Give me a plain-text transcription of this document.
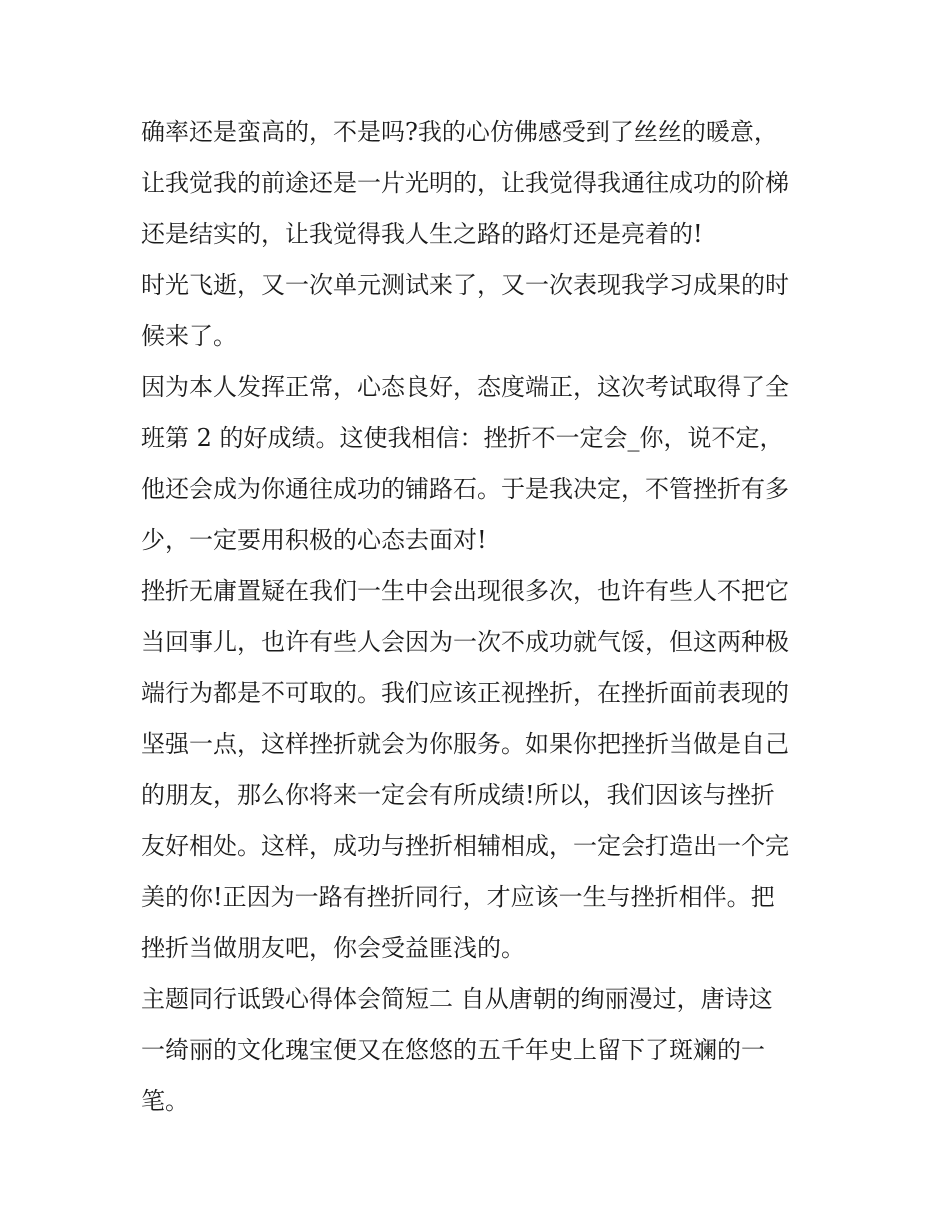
确率还是蛮高的，不是吗?我的心仿佛感受到了丝丝的暖意，
让我觉我的前途还是一片光明的，让我觉得我通往成功的阶梯
还是结实的，让我觉得我人生之路的路灯还是亮着的!
时光飞逝，又一次单元测试来了，又一次表现我学习成果的时
候来了。
因为本人发挥正常，心态良好，态度端正，这次考试取得了全
班第 2 的好成绩。这使我相信：挫折不一定会_你，说不定，
他还会成为你通往成功的铺路石。于是我决定，不管挫折有多
少，一定要用积极的心态去面对!
挫折无庸置疑在我们一生中会出现很多次，也许有些人不把它
当回事儿，也许有些人会因为一次不成功就气馁，但这两种极
端行为都是不可取的。我们应该正视挫折，在挫折面前表现的
坚强一点，这样挫折就会为你服务。如果你把挫折当做是自己
的朋友，那么你将来一定会有所成绩!所以，我们因该与挫折
友好相处。这样，成功与挫折相辅相成，一定会打造出一个完
美的你!正因为一路有挫折同行，才应该一生与挫折相伴。把
挫折当做朋友吧，你会受益匪浅的。
主题同行诋毁心得体会简短二 自从唐朝的绚丽漫过，唐诗这
一绮丽的文化瑰宝便又在悠悠的五千年史上留下了斑斓的一
笔。
